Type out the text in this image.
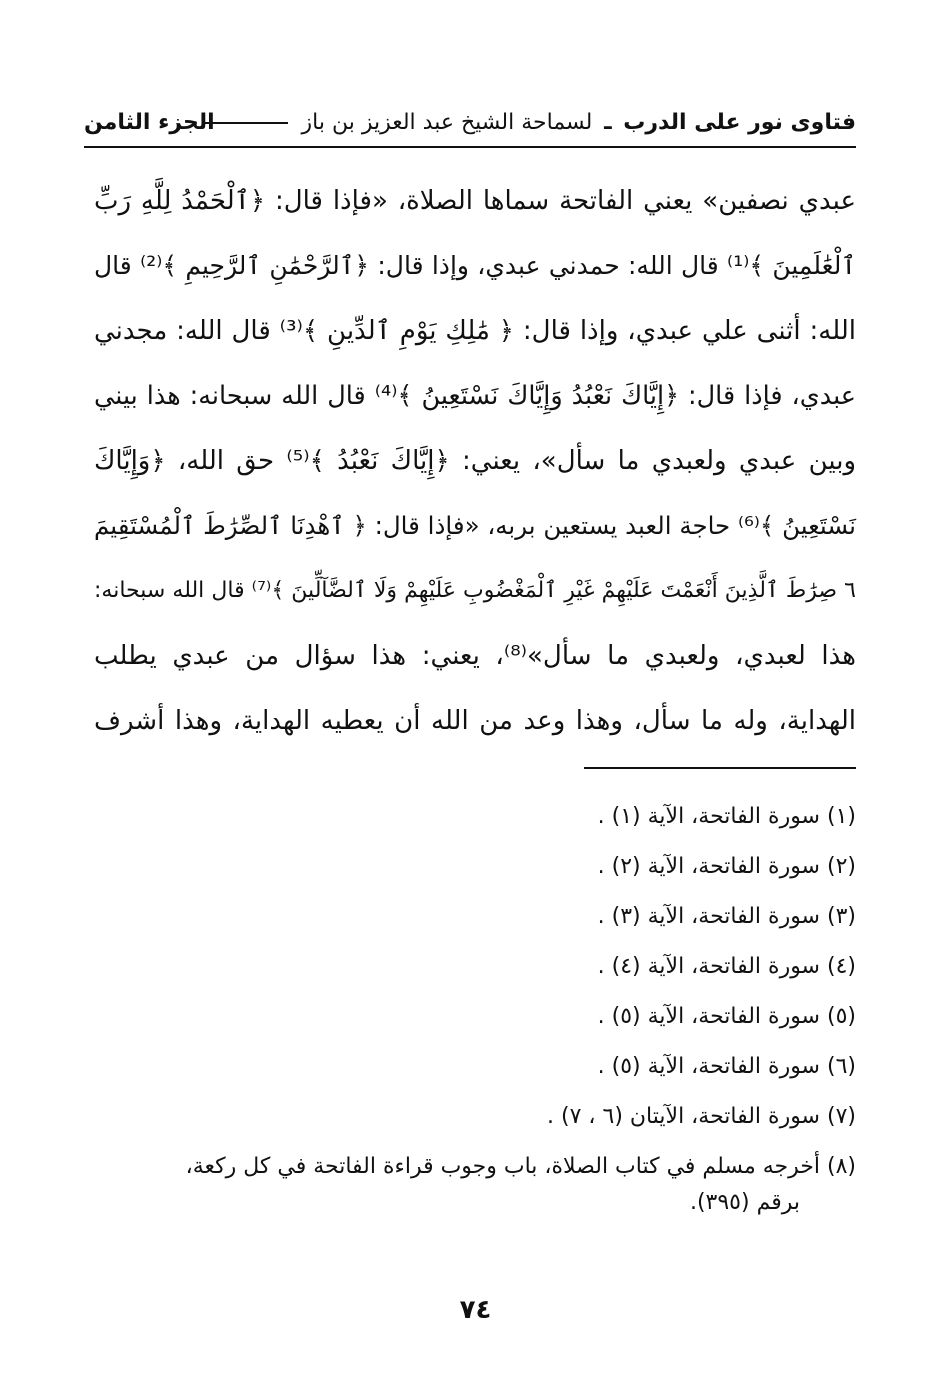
فتاوى نور على الدرب ـ لسماحة الشيخ عبد العزيز بن باز
الجزء الثامن
عبدي نصفين» يعني الفاتحة سماها الصلاة، «فإذا قال: ﴿ٱلْحَمْدُ لِلَّهِ رَبِّ
ٱلْعَٰلَمِينَ ﴾⁽¹⁾ قال الله: حمدني عبدي، وإذا قال: ﴿ٱلرَّحْمَٰنِ ٱلرَّحِيمِ ﴾⁽²⁾ قال
الله: أثنى علي عبدي، وإذا قال: ﴿ مَٰلِكِ يَوْمِ ٱلدِّينِ ﴾⁽³⁾ قال الله: مجدني
عبدي، فإذا قال: ﴿إِيَّاكَ نَعْبُدُ وَإِيَّاكَ نَسْتَعِينُ ﴾⁽⁴⁾ قال الله سبحانه: هذا بيني
وبين عبدي ولعبدي ما سأل»، يعني: ﴿إِيَّاكَ نَعْبُدُ ﴾⁽⁵⁾ حق الله، ﴿وَإِيَّاكَ
نَسْتَعِينُ ﴾⁽⁶⁾ حاجة العبد يستعين بربه، «فإذا قال: ﴿ ٱهْدِنَا ٱلصِّرَٰطَ ٱلْمُسْتَقِيمَ
٦ صِرَٰطَ ٱلَّذِينَ أَنْعَمْتَ عَلَيْهِمْ غَيْرِ ٱلْمَغْضُوبِ عَلَيْهِمْ وَلَا ٱلضَّآلِّينَ ﴾⁽⁷⁾ قال الله سبحانه:
هذا لعبدي، ولعبدي ما سأل»⁽⁸⁾، يعني: هذا سؤال من عبدي يطلب
الهداية، وله ما سأل، وهذا وعد من الله أن يعطيه الهداية، وهذا أشرف
(١) سورة الفاتحة، الآية (١) .
(٢) سورة الفاتحة، الآية (٢) .
(٣) سورة الفاتحة، الآية (٣) .
(٤) سورة الفاتحة، الآية (٤) .
(٥) سورة الفاتحة، الآية (٥) .
(٦) سورة الفاتحة، الآية (٥) .
(٧) سورة الفاتحة، الآيتان (٦ ، ٧) .
(٨) أخرجه مسلم في كتاب الصلاة، باب وجوب قراءة الفاتحة في كل ركعة،
برقم (٣٩٥).
٧٤
